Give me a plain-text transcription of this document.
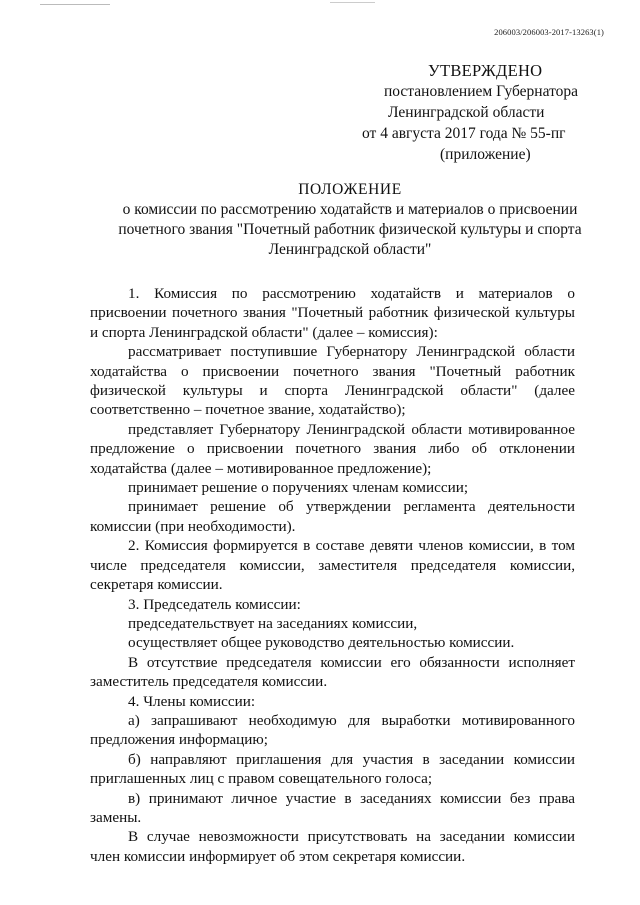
206003/206003-2017-13263(1)
УТВЕРЖДЕНО
постановлением Губернатора
Ленинградской области
от 4 августа 2017 года № 55-пг
(приложение)
ПОЛОЖЕНИЕ
о комиссии по рассмотрению ходатайств и материалов о присвоении
почетного звания "Почетный работник физической культуры и спорта
Ленинградской области"

1. Комиссия по рассмотрению ходатайств и материалов о присвоении почетного звания "Почетный работник физической культуры и спорта Ленинградской области" (далее – комиссия):

рассматривает поступившие Губернатору Ленинградской области ходатайства о присвоении почетного звания "Почетный работник физической культуры и спорта Ленинградской области" (далее соответственно – почетное звание, ходатайство);

представляет Губернатору Ленинградской области мотивированное предложение о присвоении почетного звания либо об отклонении ходатайства (далее – мотивированное предложение);

принимает решение о поручениях членам комиссии;

принимает решение об утверждении регламента деятельности комиссии (при необходимости).

2. Комиссия формируется в составе девяти членов комиссии, в том числе председателя комиссии, заместителя председателя комиссии, секретаря комиссии.

3. Председатель комиссии:

председательствует на заседаниях комиссии,

осуществляет общее руководство деятельностью комиссии.

В отсутствие председателя комиссии его обязанности исполняет заместитель председателя комиссии.

4. Члены комиссии:

а) запрашивают необходимую для выработки мотивированного предложения информацию;

б) направляют приглашения для участия в заседании комиссии приглашенных лиц с правом совещательного голоса;

в) принимают личное участие в заседаниях комиссии без права замены.

В случае невозможности присутствовать на заседании комиссии член комиссии информирует об этом секретаря комиссии.
